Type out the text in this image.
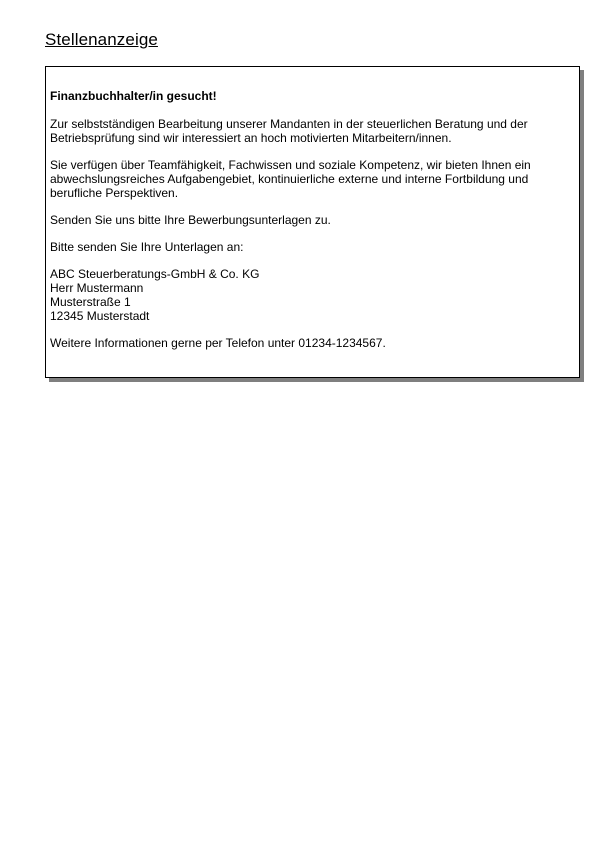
Stellenanzeige

Finanzbuchhalter/in gesucht!

Zur selbstständigen Bearbeitung unserer Mandanten in der steuerlichen Beratung und der Betriebsprüfung sind wir interessiert an hoch motivierten Mitarbeitern/innen.

Sie verfügen über Teamfähigkeit, Fachwissen und soziale Kompetenz, wir bieten Ihnen ein abwechslungsreiches Aufgabengebiet, kontinuierliche externe und interne Fortbildung und berufliche Perspektiven.

Senden Sie uns bitte Ihre Bewerbungsunterlagen zu.

Bitte senden Sie Ihre Unterlagen an:

ABC Steuerberatungs-GmbH & Co. KG
Herr Mustermann
Musterstraße 1
12345 Musterstadt

Weitere Informationen gerne per Telefon unter 01234-1234567.
